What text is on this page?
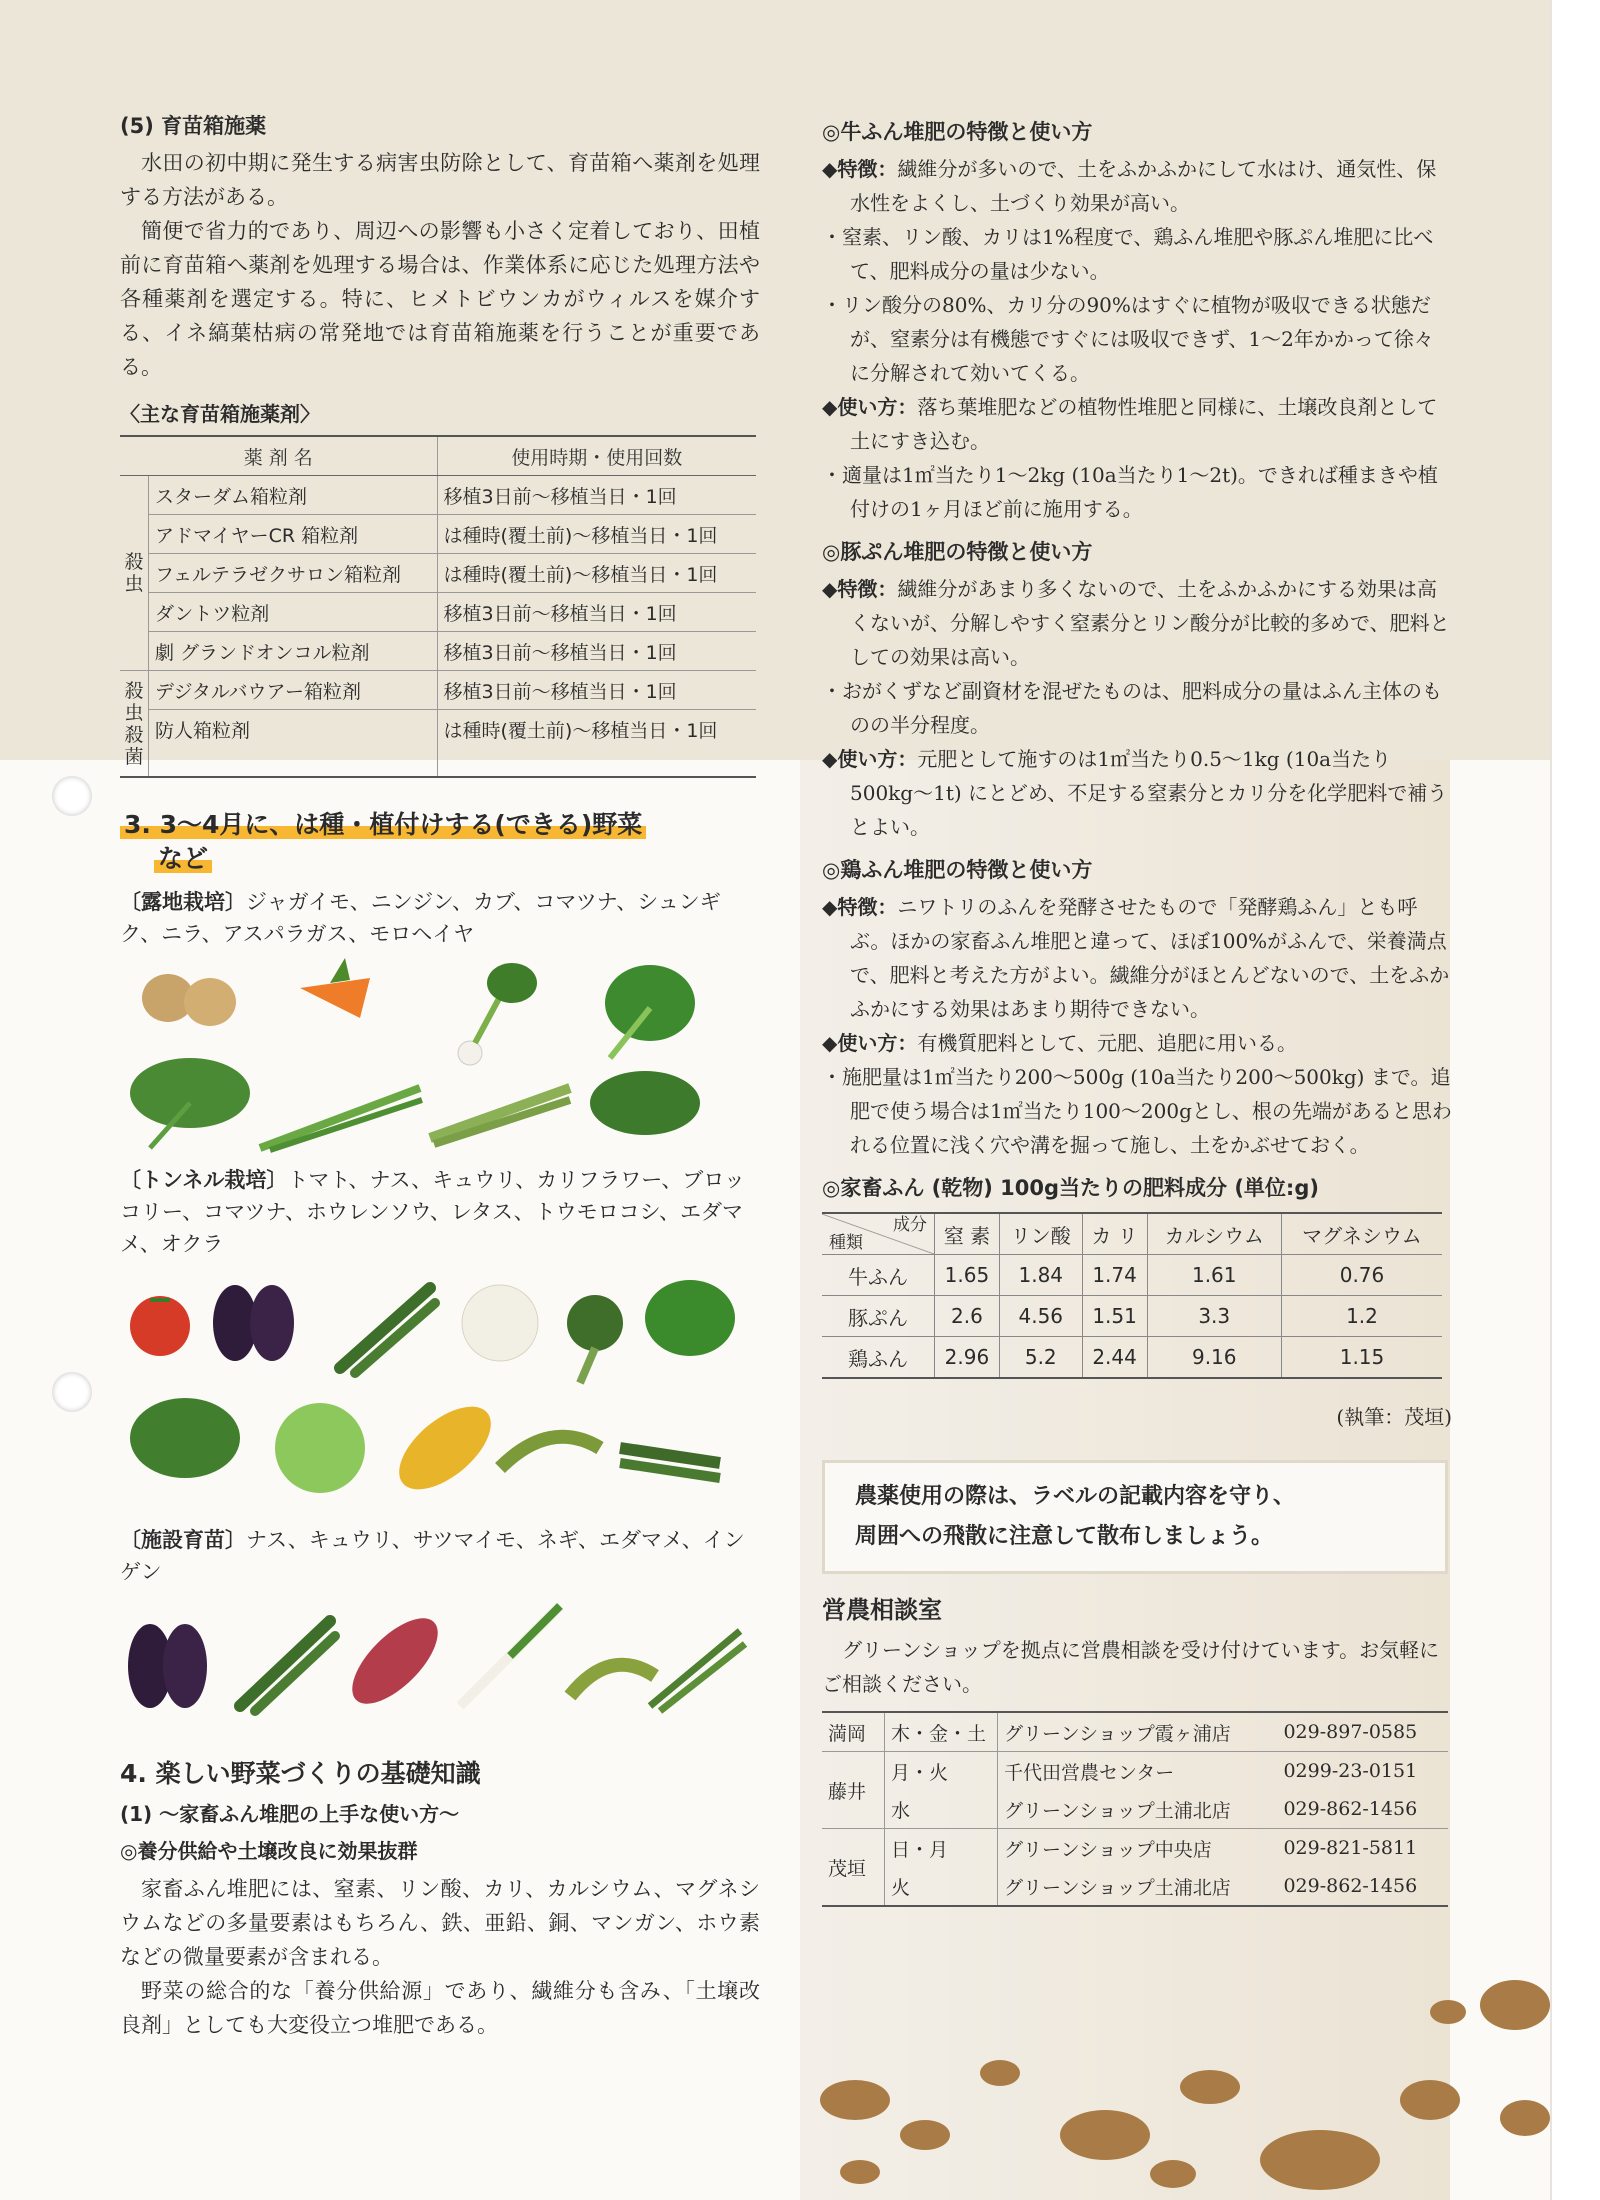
(5) 育苗箱施薬

水田の初中期に発生する病害虫防除として、育苗箱へ薬剤を処理する方法がある。

簡便で省力的であり、周辺への影響も小さく定着しており、田植前に育苗箱へ薬剤を処理する場合は、作業体系に応じた処理方法や各種薬剤を選定する。特に、ヒメトビウンカがウィルスを媒介する、イネ縞葉枯病の常発地では育苗箱施薬を行うことが重要である。

〈主な育苗箱施薬剤〉
薬 剤 名		使用時期・使用回数
殺 虫	スターダム箱粒剤	移植3日前～移植当日・1回
	アドマイヤーCR 箱粒剤	は種時(覆土前)～移植当日・1回
	フェルテラゼクサロン箱粒剤	は種時(覆土前)～移植当日・1回
	ダントツ粒剤	移植3日前～移植当日・1回
	劇 グランドオンコル粒剤	移植3日前～移植当日・1回
殺虫 殺菌	デジタルバウアー箱粒剤	移植3日前～移植当日・1回
	防人箱粒剤	は種時(覆土前)～移植当日・1回
3. 3～4月に、は種・植付けする(できる)野菜
など

〔露地栽培〕ジャガイモ、ニンジン、カブ、コマツナ、シュンギク、ニラ、アスパラガス、モロヘイヤ

〔トンネル栽培〕トマト、ナス、キュウリ、カリフラワー、ブロッコリー、コマツナ、ホウレンソウ、レタス、トウモロコシ、エダマメ、オクラ

〔施設育苗〕ナス、キュウリ、サツマイモ、ネギ、エダマメ、インゲン

4. 楽しい野菜づくりの基礎知識
(1) ～家畜ふん堆肥の上手な使い方～
◎養分供給や土壌改良に効果抜群

家畜ふん堆肥には、窒素、リン酸、カリ、カルシウム、マグネシウムなどの多量要素はもちろん、鉄、亜鉛、銅、マンガン、ホウ素などの微量要素が含まれる。

野菜の総合的な「養分供給源」であり、繊維分も含み、「土壌改良剤」としても大変役立つ堆肥である。

◎牛ふん堆肥の特徴と使い方

◆特徴：繊維分が多いので、土をふかふかにして水はけ、通気性、保水性をよくし、土づくり効果が高い。

・窒素、リン酸、カリは1%程度で、鶏ふん堆肥や豚ぷん堆肥に比べて、肥料成分の量は少ない。

・リン酸分の80%、カリ分の90%はすぐに植物が吸収できる状態だが、窒素分は有機態ですぐには吸収できず、1～2年かかって徐々に分解されて効いてくる。

◆使い方：落ち葉堆肥などの植物性堆肥と同様に、土壌改良剤として土にすき込む。

・適量は1㎡当たり1～2kg (10a当たり1～2t)。できれば種まきや植付けの1ヶ月ほど前に施用する。

◎豚ぷん堆肥の特徴と使い方

◆特徴：繊維分があまり多くないので、土をふかふかにする効果は高くないが、分解しやすく窒素分とリン酸分が比較的多めで、肥料としての効果は高い。

・おがくずなど副資材を混ぜたものは、肥料成分の量はふん主体のものの半分程度。

◆使い方：元肥として施すのは1㎡当たり0.5～1kg (10a当たり500kg～1t) にとどめ、不足する窒素分とカリ分を化学肥料で補うとよい。

◎鶏ふん堆肥の特徴と使い方

◆特徴：ニワトリのふんを発酵させたもので「発酵鶏ふん」とも呼ぶ。ほかの家畜ふん堆肥と違って、ほぼ100%がふんで、栄養満点で、肥料と考えた方がよい。繊維分がほとんどないので、土をふかふかにする効果はあまり期待できない。

◆使い方：有機質肥料として、元肥、追肥に用いる。

・施肥量は1㎡当たり200～500g (10a当たり200～500kg) まで。追肥で使う場合は1㎡当たり100～200gとし、根の先端があると思われる位置に浅く穴や溝を掘って施し、土をかぶせておく。

◎家畜ふん (乾物) 100g当たりの肥料成分 (単位:g)
成分
種類	窒 素	リン酸	カ リ	カルシウム	マグネシウム
牛ふん	1.65	1.84	1.74	1.61	0.76
豚ぷん	2.6	4.56	1.51	3.3	1.2
鶏ふん	2.96	5.2	2.44	9.16	1.15
(執筆：茂垣)
農薬使用の際は、ラベルの記載内容を守り、
周囲への飛散に注意して散布しましょう。
営農相談室

グリーンショップを拠点に営農相談を受け付けています。お気軽にご相談ください。

満岡	木・金・土	グリーンショップ霞ヶ浦店	029-897-0585
藤井	月・火	千代田営農センター	0299-23-0151
	水	グリーンショップ土浦北店	029-862-1456
茂垣	日・月	グリーンショップ中央店	029-821-5811
	火	グリーンショップ土浦北店	029-862-1456
